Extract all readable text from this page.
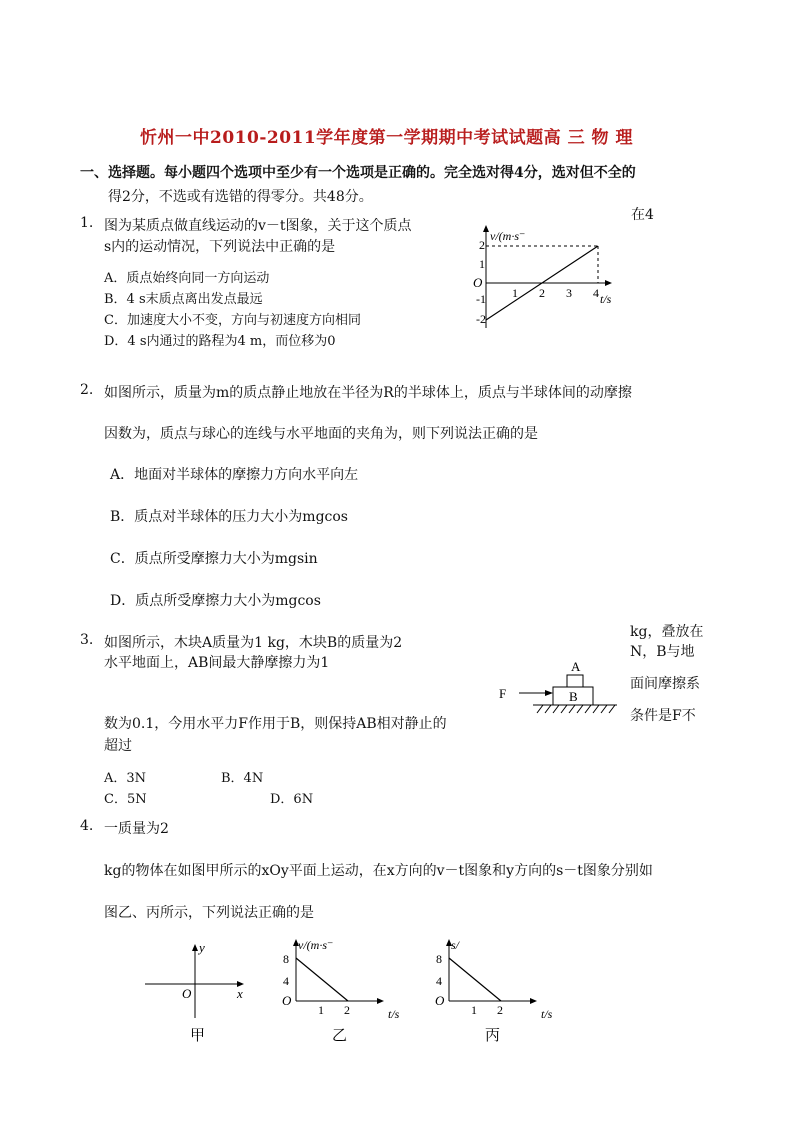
忻州一中2010-2011学年度第一学期期中考试试题高 三 物 理
一、选择题。每小题四个选项中至少有一个选项是正确的。完全选对得4分，选对但不全的
得2分，不选或有选错的得零分。共48分。
1. 图为某质点做直线运动的v－t图象，关于这个质点
s内的运动情况，下列说法中正确的是
在4
A．质点始终向同一方向运动
B．4 s末质点离出发点最远
C．加速度大小不变，方向与初速度方向相同
D．4 s内通过的路程为4 m，而位移为0
v/(m·s⁻
O
2
1
-1
-2
1 2 3 4 t/s
2. 如图所示，质量为m的质点静止地放在半径为R的半球体上，质点与半球体间的动摩擦
因数为，质点与球心的连线与水平地面的夹角为，则下列说法正确的是
A．地面对半球体的摩擦力方向水平向左
B．质点对半球体的压力大小为mgcos
C．质点所受摩擦力大小为mgsin
D．质点所受摩擦力大小为mgcos
3. 如图所示，木块A质量为1 kg，木块B的质量为2
水平地面上，AB间最大静摩擦力为1
kg，叠放在
N，B与地
面间摩擦系
条件是F不
数为0.1，今用水平力F作用于B，则保持AB相对静止的
超过
A．3N	B．4N
C．5N	D．6N
A
B
F
4. 一质量为2
kg的物体在如图甲所示的xOy平面上运动，在x方向的v－t图象和y方向的s－t图象分别如
图乙、丙所示，下列说法正确的是
y
x
O
甲
v/(m·s⁻
8
4
O
1 2	t/s
乙
s/
8
4
O
1 2	t/s
丙
